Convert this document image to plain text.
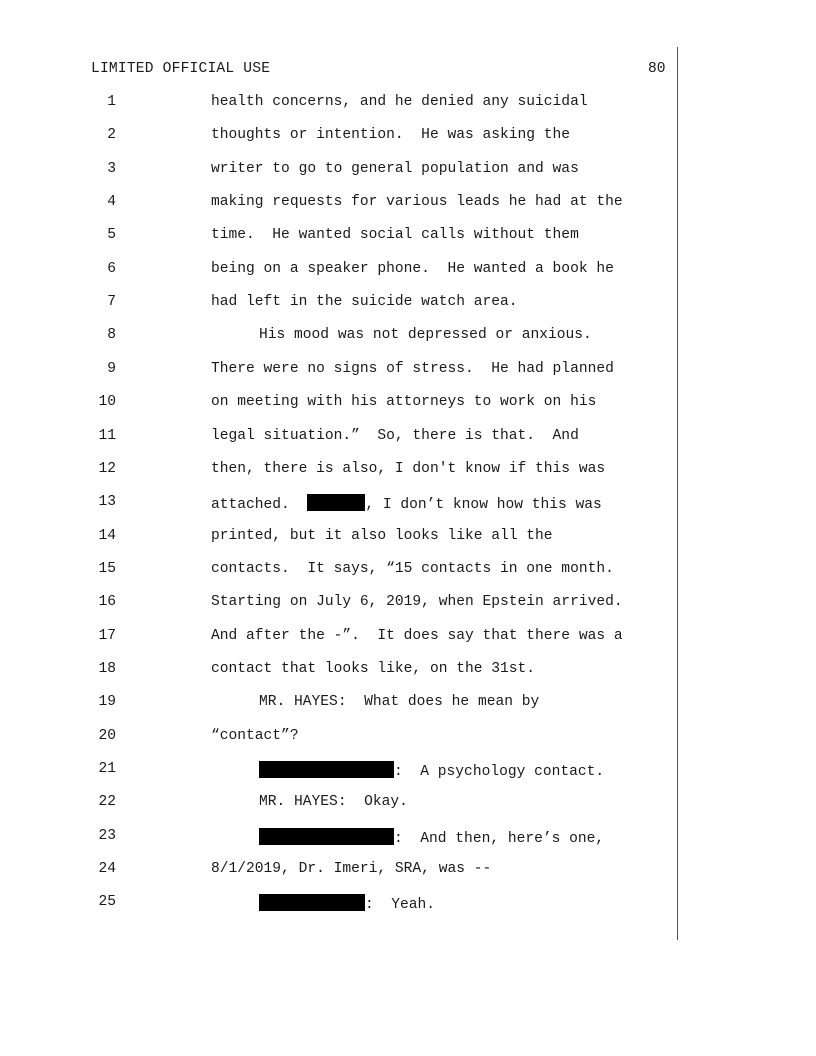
LIMITED OFFICIAL USE	80
1	health concerns, and he denied any suicidal
2	thoughts or intention.  He was asking the
3	writer to go to general population and was
4	making requests for various leads he had at the
5	time.  He wanted social calls without them
6	being on a speaker phone.  He wanted a book he
7	had left in the suicide watch area.
8	His mood was not depressed or anxious.
9	There were no signs of stress.  He had planned
10	on meeting with his attorneys to work on his
11	legal situation.”  So, there is that.  And
12	then, there is also, I don't know if this was
13	attached.	, I don’t know how this was
14	printed, but it also looks like all the
15	contacts.  It says, “15 contacts in one month.
16	Starting on July 6, 2019, when Epstein arrived.
17	And after the -”.  It does say that there was a
18	contact that looks like, on the 31st.
19	MR. HAYES:  What does he mean by
20	“contact”?
21	:  A psychology contact.
22	MR. HAYES:  Okay.
23	:  And then, here’s one,
24	8/1/2019, Dr. Imeri, SRA, was --
25	:  Yeah.
